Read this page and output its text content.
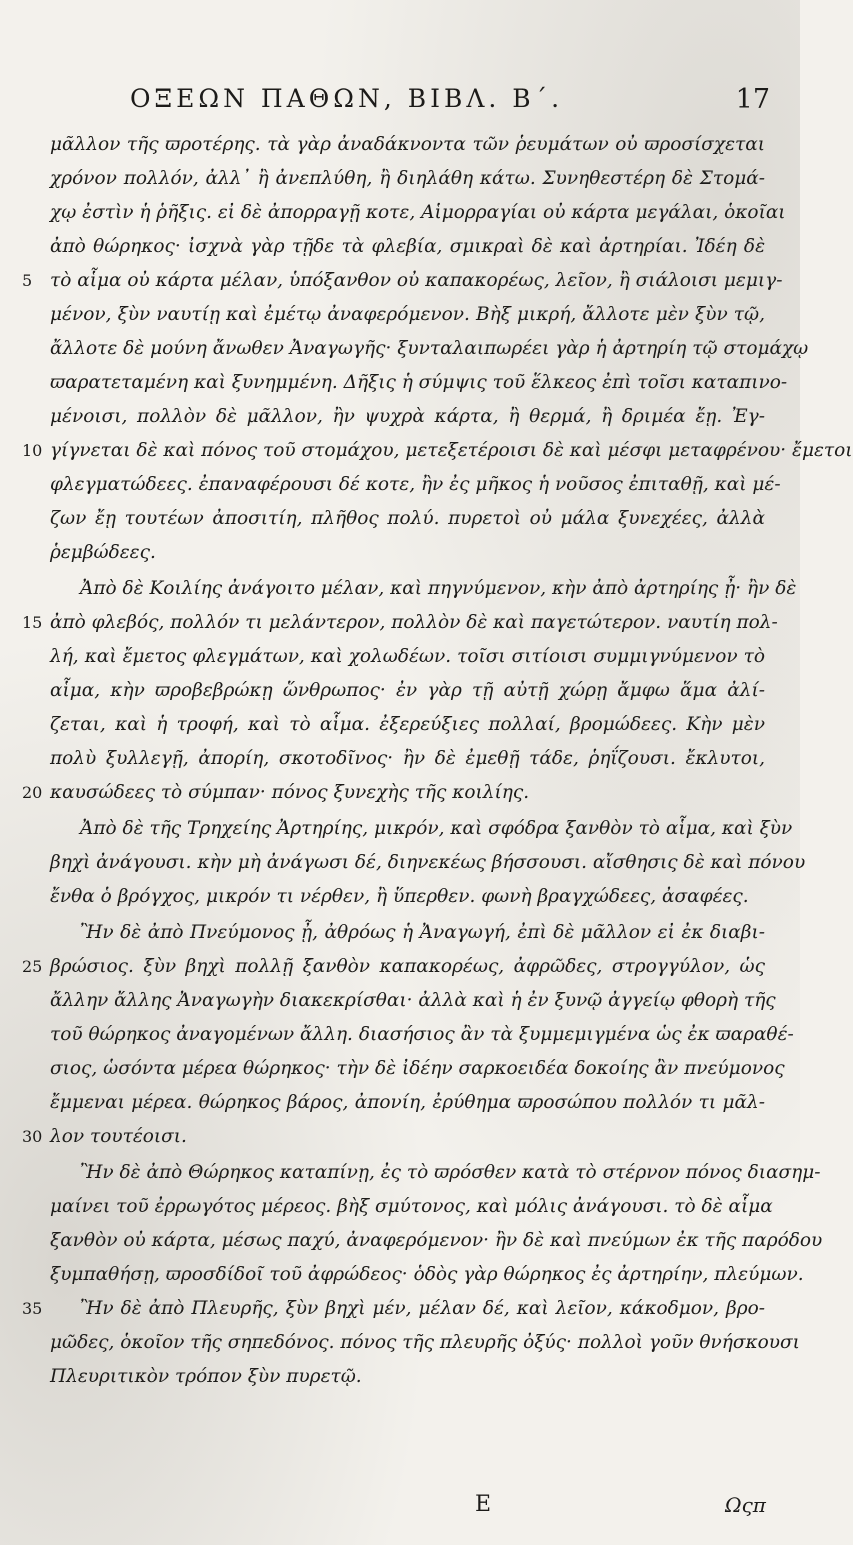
ΟΞΕΩΝ ΠΑΘΩΝ, ΒΙΒΛ. Β΄.	17
μᾶλλον τῆς ϖροτέρης. τὰ γὰρ ἀναδάκνοντα τῶν ῥευμάτων οὐ ϖροσίσχεται
χρόνον πολλόν, ἀλλ᾽ ἢ ἀνεπλύθη, ἢ διηλάθη κάτω. Συνηθεστέρη δὲ Στομά-
χῳ ἐστὶν ἡ ῥῆξις. εἰ δὲ ἀπορραγῇ κοτε, Αἱμορραγίαι οὐ κάρτα μεγάλαι, ὁκοῖαι
ἀπὸ θώρηκος· ἰσχνὰ γὰρ τῇδε τὰ φλεβία, σμικραὶ δὲ καὶ ἀρτηρίαι. Ἰδέη δὲ
τὸ αἷμα οὐ κάρτα μέλαν, ὑπόξανθον οὐ καπακορέως, λεῖον, ἢ σιάλοισι μεμιγ-
μένον, ξὺν ναυτίῃ καὶ ἐμέτῳ ἀναφερόμενον. Βὴξ μικρή, ἄλλοτε μὲν ξὺν τῷ,
ἄλλοτε δὲ μούνη ἄνωθεν Ἀναγωγῆς· ξυνταλαιπωρέει γὰρ ἡ ἀρτηρίη τῷ στομάχῳ
ϖαρατεταμένη καὶ ξυνημμένη. Δῆξις ἡ σύμψις τοῦ ἕλκεος ἐπὶ τοῖσι καταπινο-
μένοισι, πολλὸν δὲ μᾶλλον, ἢν ψυχρὰ κάρτα, ἢ θερμά, ἢ δριμέα ἔῃ. Ἐγ-
γίγνεται δὲ καὶ πόνος τοῦ στομάχου, μετεξετέροισι δὲ καὶ μέσφι μεταφρένου· ἔμετοι
φλεγματώδεες. ἐπαναφέρουσι δέ κοτε, ἢν ἐς μῆκος ἡ νοῦσος ἐπιταθῇ, καὶ μέ-
ζων ἔῃ τουτέων ἀποσιτίη, πλῆθος πολύ. πυρετοὶ οὐ μάλα ξυνεχέες, ἀλλὰ
ῥεμβώδεες.
Ἀπὸ δὲ Κοιλίης ἀνάγοιτο μέλαν, καὶ πηγνύμενον, κὴν ἀπὸ ἀρτηρίης ᾖ· ἢν δὲ
ἀπὸ φλεβός, πολλόν τι μελάντερον, πολλὸν δὲ καὶ παγετώτερον. ναυτίη πολ-
λή, καὶ ἔμετος φλεγμάτων, καὶ χολωδέων. τοῖσι σιτίοισι συμμιγνύμενον τὸ
αἷμα, κὴν ϖροβεβρώκῃ ὥνθρωπος· ἐν γὰρ τῇ αὐτῇ χώρῃ ἄμφω ἅμα ἀλί-
ζεται, καὶ ἡ τροφή, καὶ τὸ αἷμα. ἐξερεύξιες πολλαί, βρομώδεες. Κὴν μὲν
πολὺ ξυλλεγῇ, ἀπορίη, σκοτοδῖνος· ἢν δὲ ἐμεθῇ τάδε, ῥηΐζουσι. ἔκλυτοι,
καυσώδεες τὸ σύμπαν· πόνος ξυνεχὴς τῆς κοιλίης.
Ἀπὸ δὲ τῆς Τρηχείης Ἀρτηρίης, μικρόν, καὶ σφόδρα ξανθὸν τὸ αἷμα, καὶ ξὺν
βηχὶ ἀνάγουσι. κὴν μὴ ἀνάγωσι δέ, διηνεκέως βήσσουσι. αἴσθησις δὲ καὶ πόνου
ἔνθα ὁ βρόγχος, μικρόν τι νέρθεν, ἢ ὕπερθεν. φωνὴ βραγχώδεες, ἀσαφέες.
Ἢν δὲ ἀπὸ Πνεύμονος ᾖ, ἀθρόως ἡ Ἀναγωγή, ἐπὶ δὲ μᾶλλον εἰ ἐκ διαβι-
βρώσιος. ξὺν βηχὶ πολλῇ ξανθὸν καπακορέως, ἀφρῶδες, στρογγύλον, ὡς
ἄλλην ἄλλης Ἀναγωγὴν διακεκρίσθαι· ἀλλὰ καὶ ἡ ἐν ξυνῷ ἀγγείῳ φθορὴ τῆς
τοῦ θώρηκος ἀναγομένων ἄλλη. διασήσιος ἂν τὰ ξυμμεμιγμένα ὡς ἐκ ϖαραθέ-
σιος, ὡσόντα μέρεα θώρηκος· τὴν δὲ ἰδέην σαρκοειδέα δοκοίης ἂν πνεύμονος
ἔμμεναι μέρεα. θώρηκος βάρος, ἀπονίη, ἐρύθημα ϖροσώπου πολλόν τι μᾶλ-
λον τουτέοισι.
Ἢν δὲ ἀπὸ Θώρηκος καταπίνῃ, ἐς τὸ ϖρόσθεν κατὰ τὸ στέρνον πόνος διασημ-
μαίνει τοῦ ἐρρωγότος μέρεος. βὴξ σμύτονος, καὶ μόλις ἀνάγουσι. τὸ δὲ αἷμα
ξανθὸν οὐ κάρτα, μέσως παχύ, ἀναφερόμενον· ἢν δὲ καὶ πνεύμων ἐκ τῆς παρόδου
ξυμπαθήσῃ, ϖροσδίδοῖ τοῦ ἀφρώδεος· ὁδὸς γὰρ θώρηκος ἐς ἀρτηρίην, πλεύμων.
Ἢν δὲ ἀπὸ Πλευρῆς, ξὺν βηχὶ μέν, μέλαν δέ, καὶ λεῖον, κάκοδμον, βρο-
μῶδες, ὁκοῖον τῆς σηπεδόνος. πόνος τῆς πλευρῆς ὀξύς· πολλοὶ γοῦν θνήσκουσι
Πλευριτικὸν τρόπον ξὺν πυρετῷ.
5
10
15
20
25
30
35
E	Ωςπ
